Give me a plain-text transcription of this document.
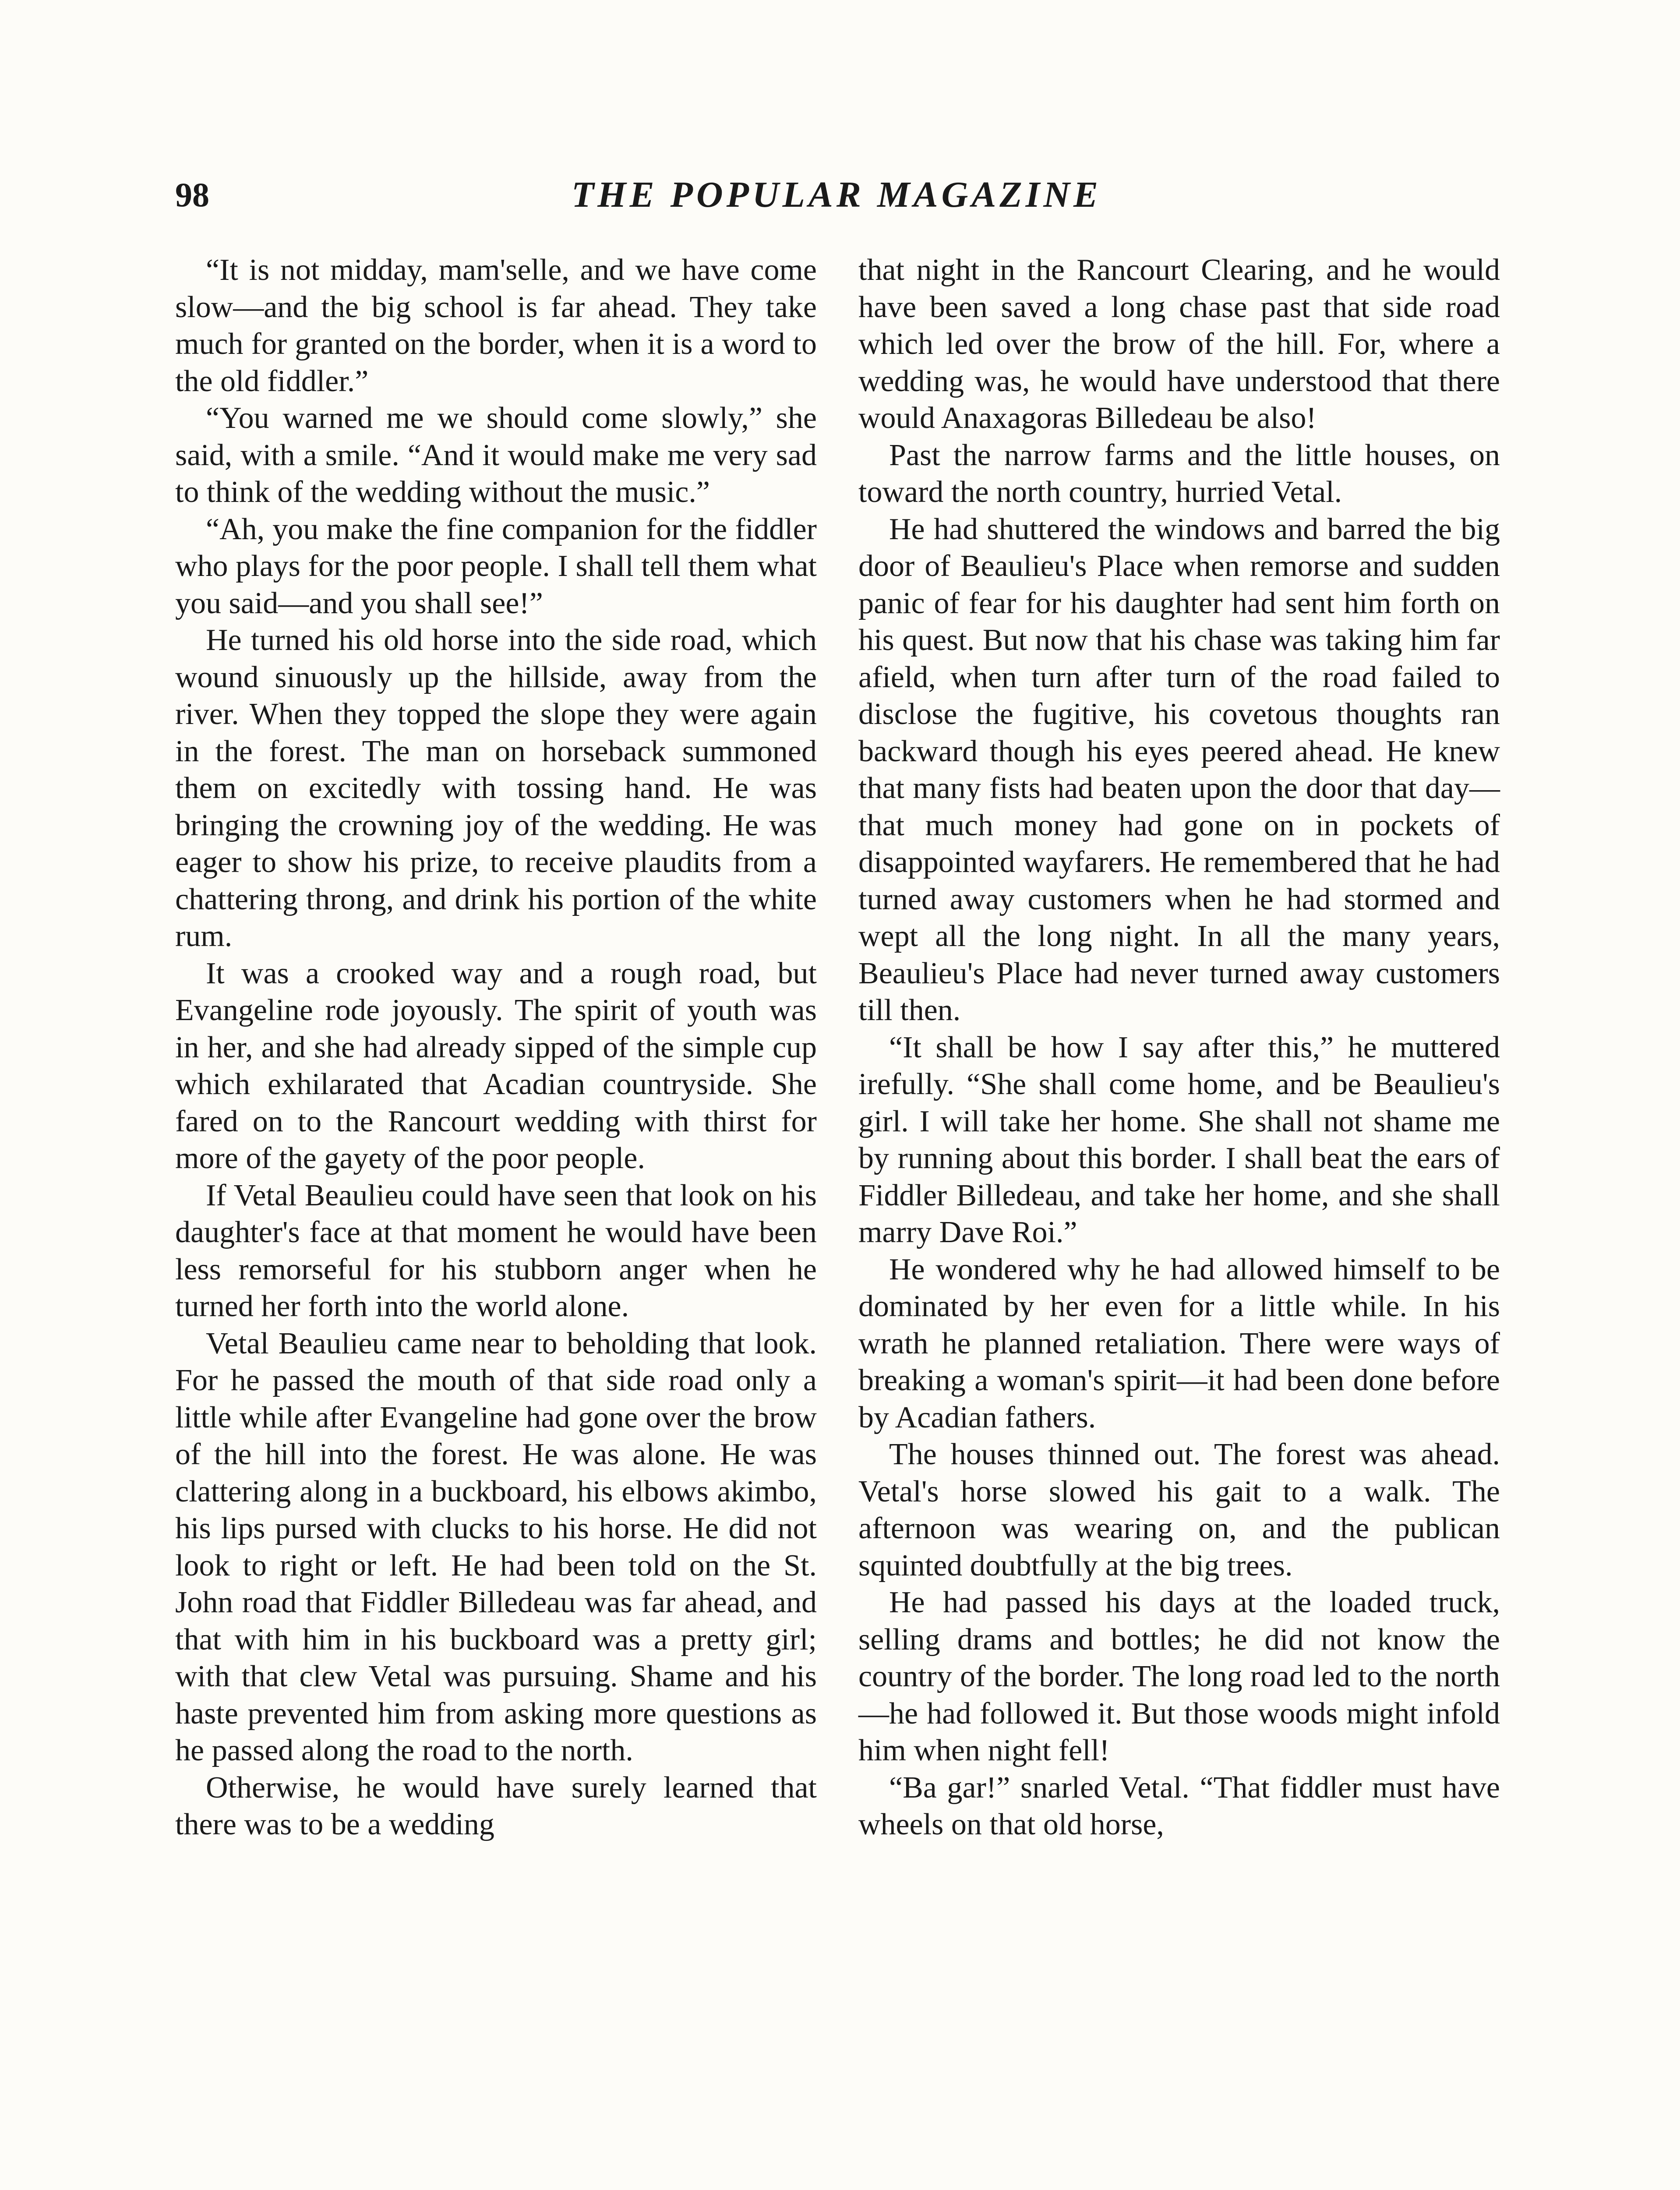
98	THE POPULAR MAGAZINE

“It is not midday, mam'selle, and we have come slow—and the big school is far ahead. They take much for granted on the border, when it is a word to the old fiddler.”

“You warned me we should come slowly,” she said, with a smile. “And it would make me very sad to think of the wedding without the music.”

“Ah, you make the fine companion for the fiddler who plays for the poor people. I shall tell them what you said—and you shall see!”

He turned his old horse into the side road, which wound sinuously up the hillside, away from the river. When they topped the slope they were again in the forest. The man on horseback summoned them on excitedly with tossing hand. He was bringing the crowning joy of the wedding. He was eager to show his prize, to receive plaudits from a chattering throng, and drink his portion of the white rum.

It was a crooked way and a rough road, but Evangeline rode joyously. The spirit of youth was in her, and she had already sipped of the simple cup which exhilarated that Acadian countryside. She fared on to the Rancourt wedding with thirst for more of the gayety of the poor people.

If Vetal Beaulieu could have seen that look on his daughter's face at that moment he would have been less remorseful for his stubborn anger when he turned her forth into the world alone.

Vetal Beaulieu came near to beholding that look. For he passed the mouth of that side road only a little while after Evangeline had gone over the brow of the hill into the forest. He was alone. He was clattering along in a buckboard, his elbows akimbo, his lips pursed with clucks to his horse. He did not look to right or left. He had been told on the St. John road that Fiddler Billedeau was far ahead, and that with him in his buckboard was a pretty girl; with that clew Vetal was pursuing. Shame and his haste prevented him from asking more questions as he passed along the road to the north.

Otherwise, he would have surely learned that there was to be a wedding

that night in the Rancourt Clearing, and he would have been saved a long chase past that side road which led over the brow of the hill. For, where a wedding was, he would have understood that there would Anaxagoras Billedeau be also!

Past the narrow farms and the little houses, on toward the north country, hurried Vetal.

He had shuttered the windows and barred the big door of Beaulieu's Place when remorse and sudden panic of fear for his daughter had sent him forth on his quest. But now that his chase was taking him far afield, when turn after turn of the road failed to disclose the fugitive, his covetous thoughts ran backward though his eyes peered ahead. He knew that many fists had beaten upon the door that day—that much money had gone on in pockets of disappointed wayfarers. He remembered that he had turned away customers when he had stormed and wept all the long night. In all the many years, Beaulieu's Place had never turned away customers till then.

“It shall be how I say after this,” he muttered irefully. “She shall come home, and be Beaulieu's girl. I will take her home. She shall not shame me by running about this border. I shall beat the ears of Fiddler Billedeau, and take her home, and she shall marry Dave Roi.”

He wondered why he had allowed himself to be dominated by her even for a little while. In his wrath he planned retaliation. There were ways of breaking a woman's spirit—it had been done before by Acadian fathers.

The houses thinned out. The forest was ahead. Vetal's horse slowed his gait to a walk. The afternoon was wearing on, and the publican squinted doubtfully at the big trees.

He had passed his days at the loaded truck, selling drams and bottles; he did not know the country of the border. The long road led to the north—he had followed it. But those woods might infold him when night fell!

“Ba gar!” snarled Vetal. “That fiddler must have wheels on that old horse,
